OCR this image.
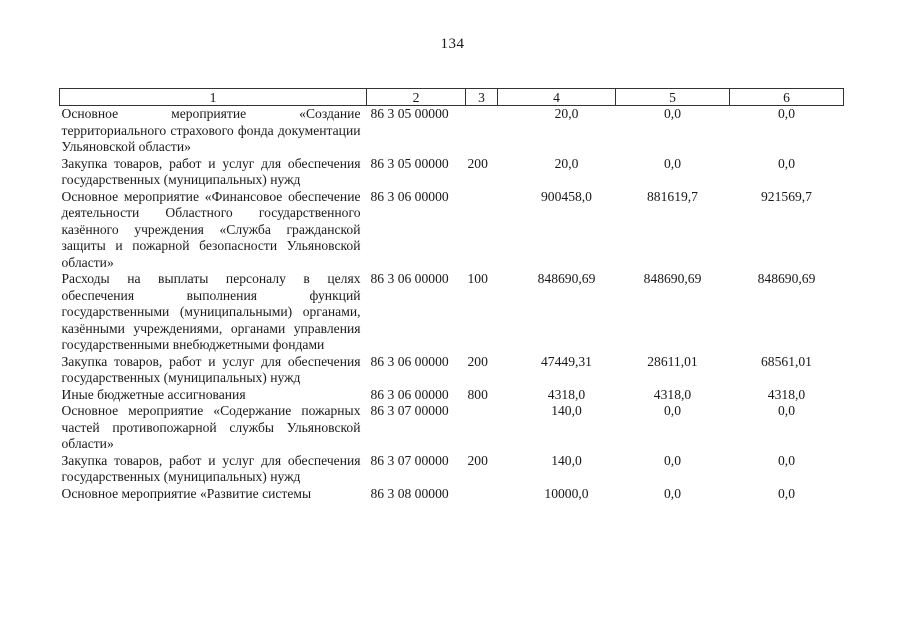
134
1	2	3	4	5	6
Основное мероприятие «Создание территориального страхового фонда документации Ульяновской области»	86 3 05 00000		20,0	0,0	0,0
Закупка товаров, работ и услуг для обеспечения государственных (муниципальных) нужд	86 3 05 00000	200	20,0	0,0	0,0
Основное мероприятие «Финансовое обеспечение деятельности Областного государственного казённого учреждения «Служба гражданской защиты и пожарной безопасности Ульяновской области»	86 3 06 00000		900458,0	881619,7	921569,7
Расходы на выплаты персоналу в целях обеспечения выполнения функций государственными (муниципальными) органами, казёнными учреждениями, органами управления государственными внебюджетными фондами	86 3 06 00000	100	848690,69	848690,69	848690,69
Закупка товаров, работ и услуг для обеспечения государственных (муниципальных) нужд	86 3 06 00000	200	47449,31	28611,01	68561,01
Иные бюджетные ассигнования	86 3 06 00000	800	4318,0	4318,0	4318,0
Основное мероприятие «Содержание пожарных частей противопожарной службы Ульяновской области»	86 3 07 00000		140,0	0,0	0,0
Закупка товаров, работ и услуг для обеспечения государственных (муниципальных) нужд	86 3 07 00000	200	140,0	0,0	0,0
Основное мероприятие «Развитие системы	86 3 08 00000		10000,0	0,0	0,0
